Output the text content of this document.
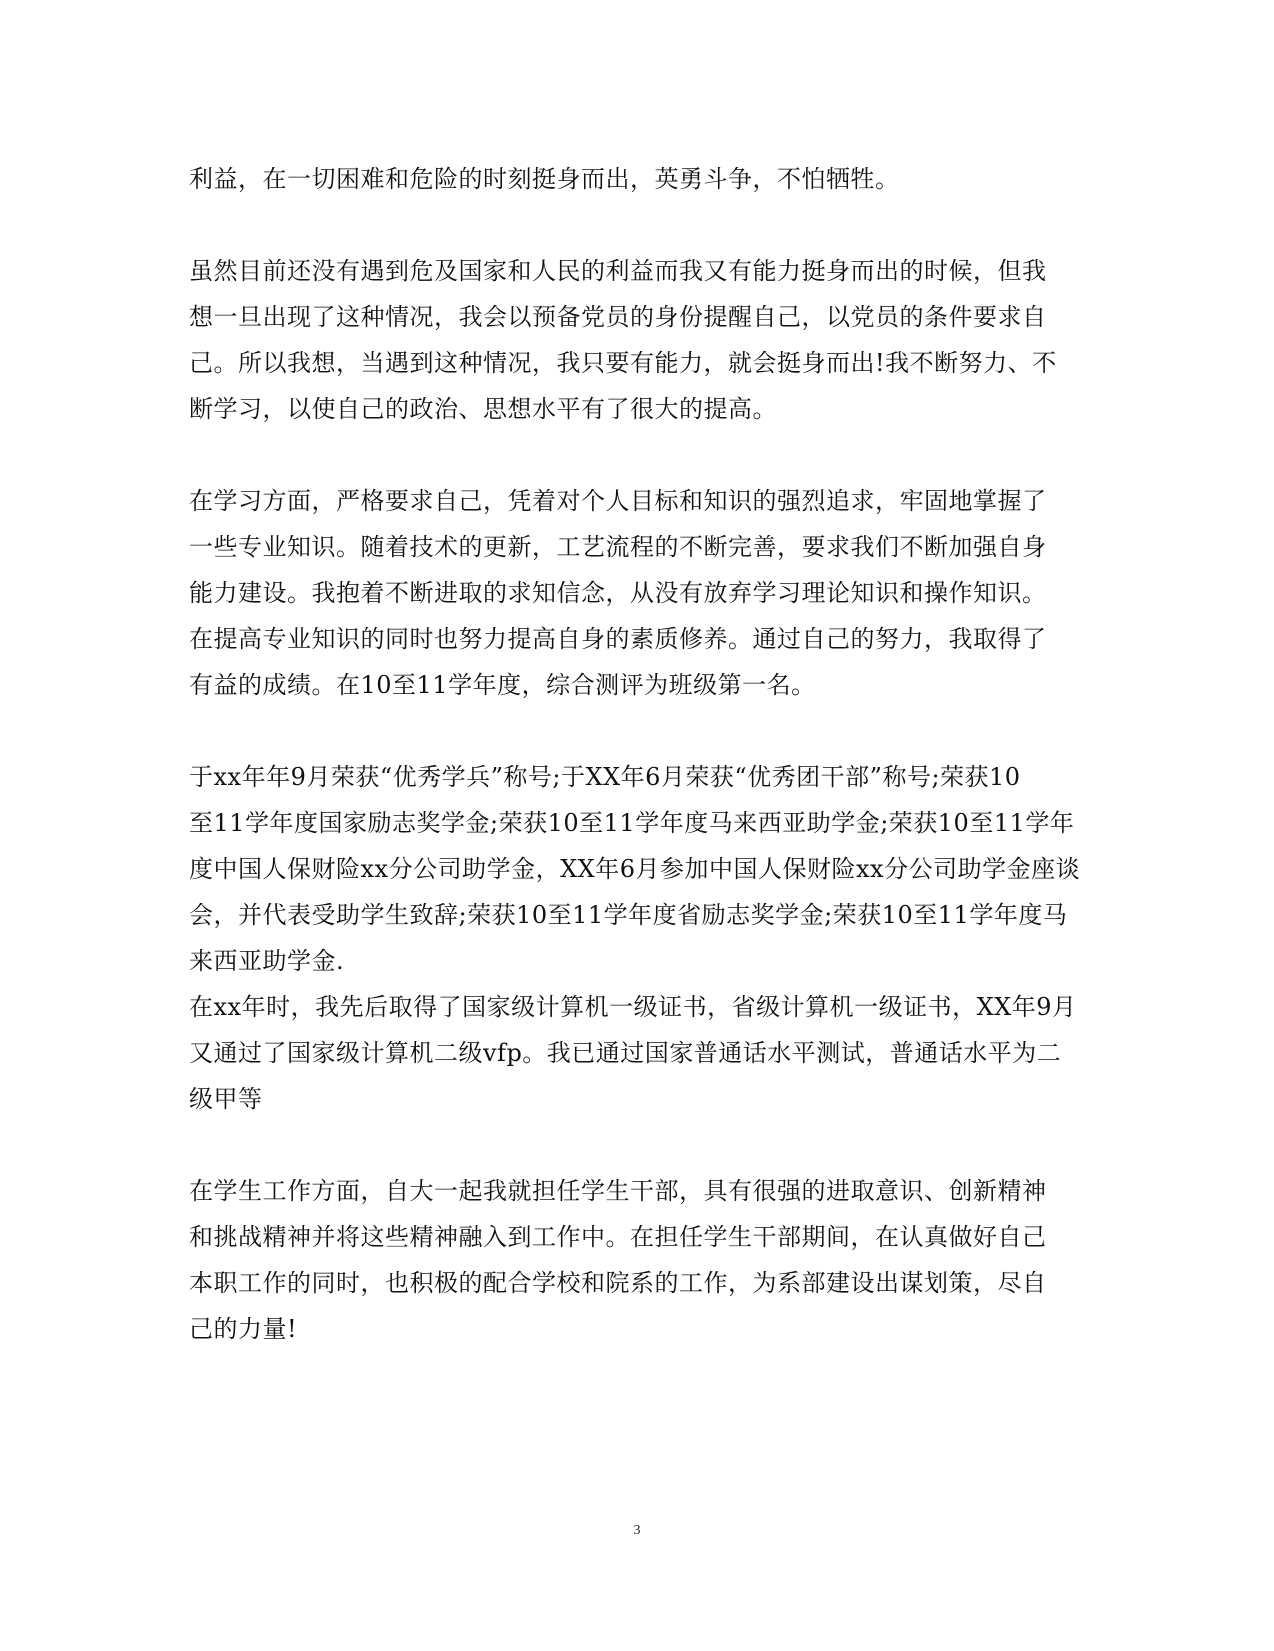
利益，在一切困难和危险的时刻挺身而出，英勇斗争，不怕牺牲。
虽然目前还没有遇到危及国家和人民的利益而我又有能力挺身而出的时候，但我
想一旦出现了这种情况，我会以预备党员的身份提醒自己，以党员的条件要求自
己。所以我想，当遇到这种情况，我只要有能力，就会挺身而出!我不断努力、不
断学习，以使自己的政治、思想水平有了很大的提高。
在学习方面，严格要求自己，凭着对个人目标和知识的强烈追求，牢固地掌握了
一些专业知识。随着技术的更新，工艺流程的不断完善，要求我们不断加强自身
能力建设。我抱着不断进取的求知信念，从没有放弃学习理论知识和操作知识。
在提高专业知识的同时也努力提高自身的素质修养。通过自己的努力，我取得了
有益的成绩。在10至11学年度，综合测评为班级第一名。
于xx年年9月荣获“优秀学兵”称号;于XX年6月荣获“优秀团干部”称号;荣获10
至11学年度国家励志奖学金;荣获10至11学年度马来西亚助学金;荣获10至11学年
度中国人保财险xx分公司助学金，XX年6月参加中国人保财险xx分公司助学金座谈
会，并代表受助学生致辞;荣获10至11学年度省励志奖学金;荣获10至11学年度马
来西亚助学金.
在xx年时，我先后取得了国家级计算机一级证书，省级计算机一级证书，XX年9月
又通过了国家级计算机二级vfp。我已通过国家普通话水平测试，普通话水平为二
级甲等
在学生工作方面，自大一起我就担任学生干部，具有很强的进取意识、创新精神
和挑战精神并将这些精神融入到工作中。在担任学生干部期间，在认真做好自己
本职工作的同时，也积极的配合学校和院系的工作，为系部建设出谋划策，尽自
己的力量!
3
